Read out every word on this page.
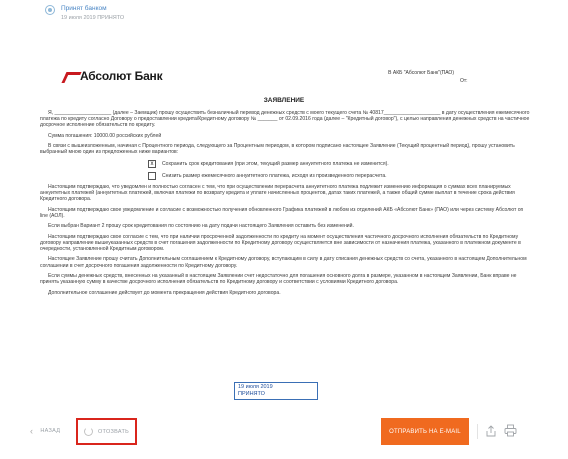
Принят банком
19 июля 2019 ПРИНЯТО
Абсолют Банк	В АКБ "Абсолют Банк"(ПАО)
От:
ЗАЯВЛЕНИЕ

Я, ____________________ (далее – Заемщик) прошу осуществить безналичный перевод денежных средств с моего текущего счета № 40817____________________ в дату осуществления ежемесячного платежа по кредиту согласно Договору о предоставлении кредита/Кредитному договору № _______ от 02.09.2016 года (далее – "Кредитный договор"), с целью направления денежных средств на частичное досрочное исполнение обязательств по кредиту.

Сумма погашения: 10000.00 российских рублей

В связи с вышеизложенным, начиная с Процентного периода, следующего за Процентным периодом, в котором подписано настоящее Заявление (Текущий процентный период), прошу установить выбранный мною один из предложенных ниже вариантов:

x	Сохранить срок кредитования (при этом, текущий размер аннуитетного платежа не изменится).
Снизить размер ежемесячного аннуитетного платежа, исходя из произведенного перерасчета.

Настоящим подтверждаю, что уведомлен и полностью согласен с тем, что при осуществлении перерасчета аннуитетного платежа подлежит изменению информация о суммах всех планируемых аннуитетных платежей (аннуитетных платежей, включая платежи по возврату кредита и уплате начисленных процентов, датах таких платежей, а также общий сумме выплат в течение срока действия Кредитного договора.

Настоящим подтверждаю свое уведомление и согласие с возможностью получения обновленного Графика платежей в любом из отделений АКБ «Абсолют Банк» (ПАО) или через систему Абсолют on line (АОЛ).

Если выбран Вариант 2 прошу срок кредитования по состоянию на дату подачи настоящего Заявления оставить без изменений.

Настоящим подтверждаю свое согласие с тем, что при наличии просроченной задолженности по кредиту на момент осуществления частичного досрочного исполнения обязательств по Кредитному договору направление вышеуказанных средств в счет погашения задолженности по Кредитному договору осуществляется вне зависимости от назначения платежа, указанного в платежном документе в очередности, установленной Кредитным договором.

Настоящее Заявление прошу считать Дополнительным соглашением к Кредитному договору, вступающим в силу в дату списания денежных средств со счета, указанного в настоящем Дополнительном соглашении в счет досрочного погашения задолженности по Кредитному договору.

Если суммы денежных средств, внесенных на указанный в настоящем Заявлении счет недостаточно для погашения основного долга в размере, указанном в настоящем Заявлении, Банк вправе не принять указанную сумму в качестве досрочного исполнения обязательств по Кредитному договору и соответствии с условиями Кредитного договора.

Дополнительное соглашение действует до момента прекращения действия Кредитного договора.

19 июля 2019
ПРИНЯТО
‹ НАЗАД	ОТОЗВАТЬ	ОТПРАВИТЬ НА E-MAIL
